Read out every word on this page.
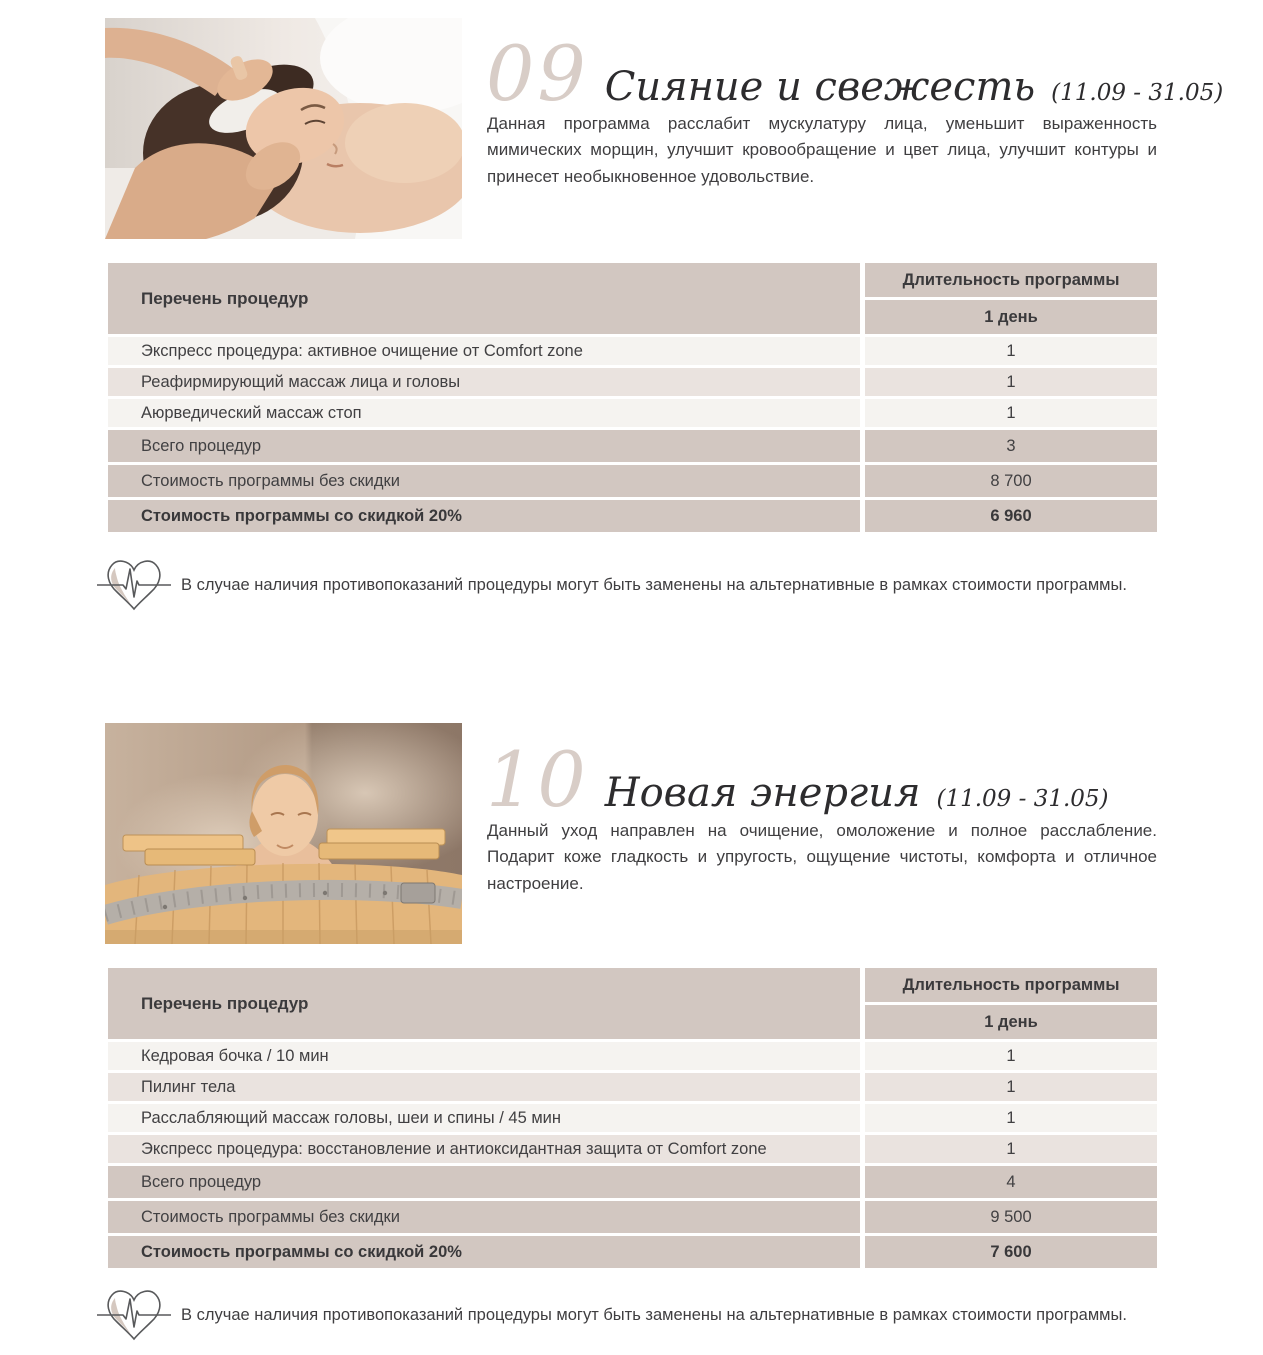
09 Сияние и свежесть (11.09 - 31.05)
Данная программа расслабит мускулатуру лица, уменьшит выраженность мимических морщин, улучшит кровообращение и цвет лица, улучшит контуры и принесет необыкновенное удовольствие.
Перечень процедур
Длительность программы
1 день
Экспресс процедура: активное очищение от Comfort zone	1
Реафирмирующий массаж лица и головы	1
Аюрведический массаж стоп	1
Всего процедур	3
Стоимость программы без скидки	8 700
Стоимость программы со скидкой 20%	6 960
В случае наличия противопоказаний процедуры могут быть заменены на альтернативные в рамках стоимости программы.
10 Новая энергия (11.09 - 31.05)
Данный уход направлен на очищение, омоложение и полное расслабление. Подарит коже гладкость и упругость, ощущение чистоты, комфорта и отличное настроение.
Перечень процедур
Длительность программы
1 день
Кедровая бочка / 10 мин	1
Пилинг тела	1
Расслабляющий массаж головы, шеи и спины / 45 мин	1
Экспресс процедура: восстановление и антиоксидантная защита от Comfort zone	1
Всего процедур	4
Стоимость программы без скидки	9 500
Стоимость программы со скидкой 20%	7 600
В случае наличия противопоказаний процедуры могут быть заменены на альтернативные в рамках стоимости программы.
